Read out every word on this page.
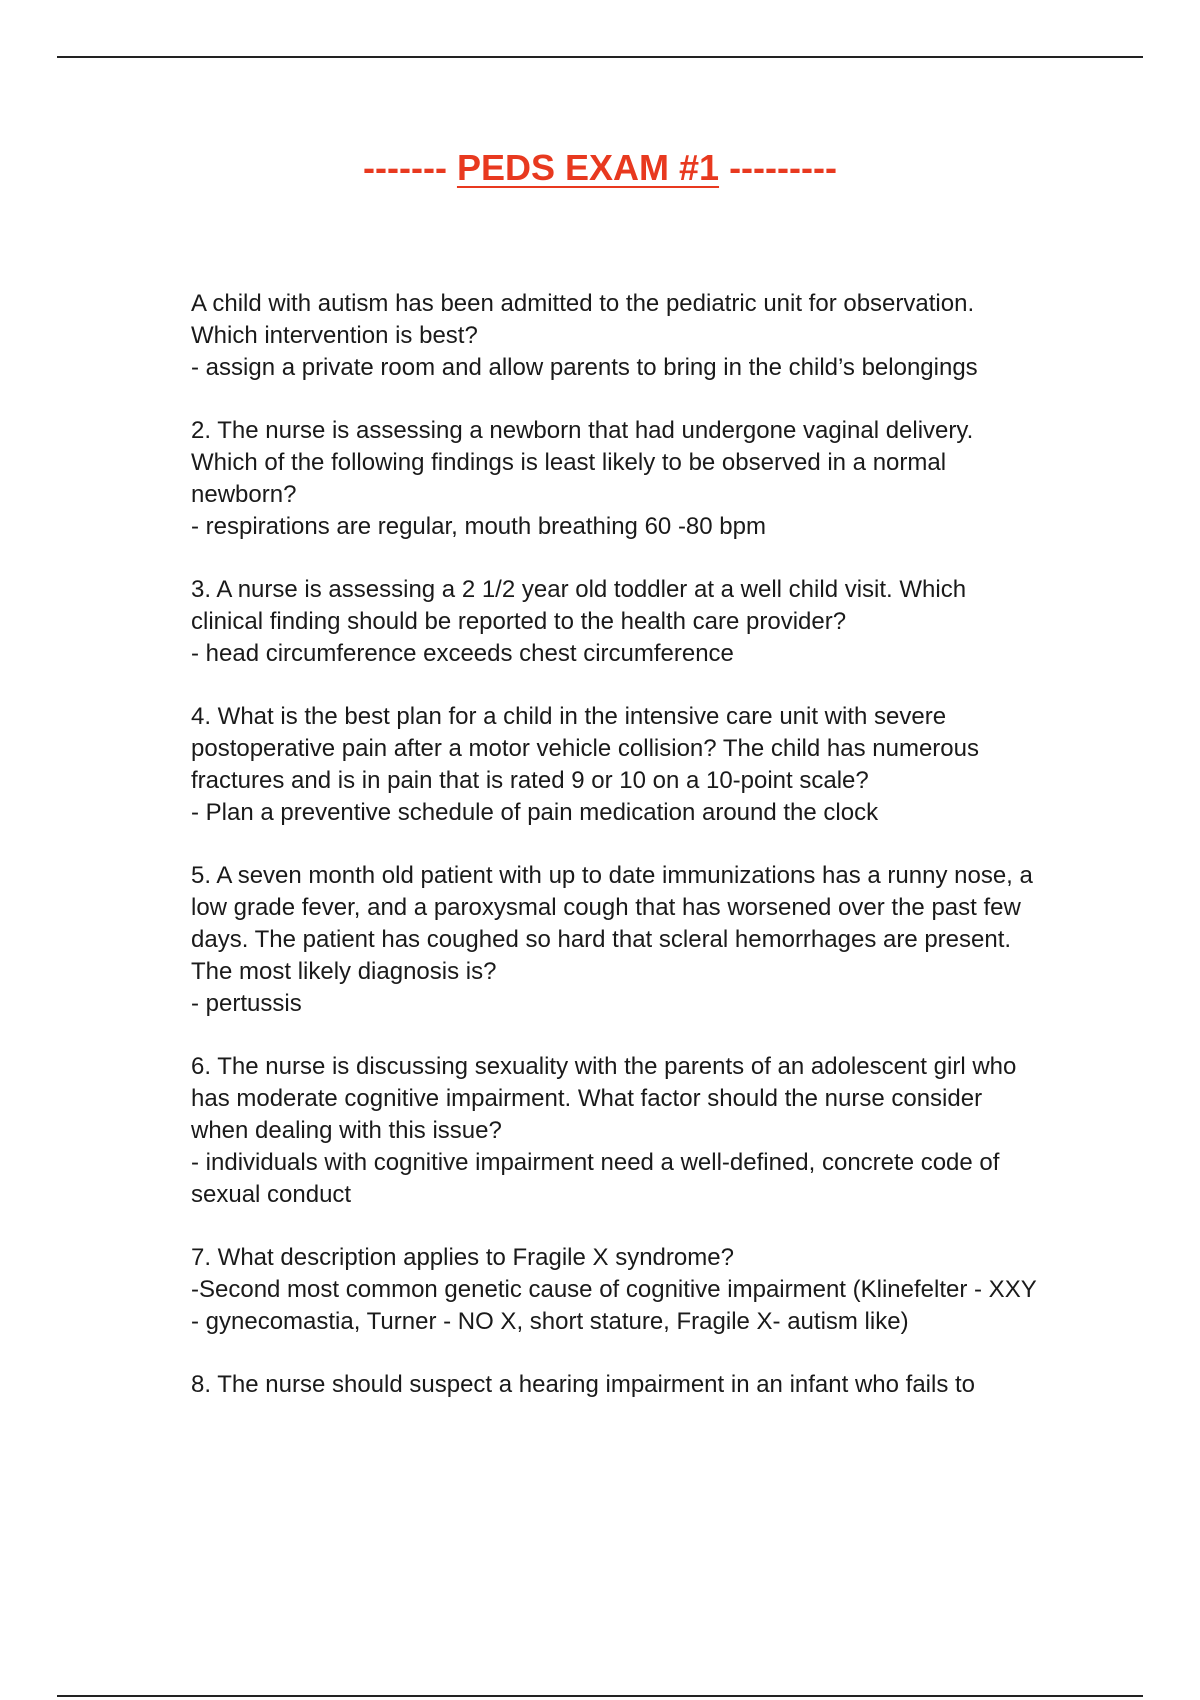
------- PEDS EXAM #1 ---------

A child with autism has been admitted to the pediatric unit for observation. Which intervention is best?

- assign a private room and allow parents to bring in the child’s belongings

2. The nurse is assessing a newborn that had undergone vaginal delivery. Which of the following findings is least likely to be observed in a normal newborn?

- respirations are regular, mouth breathing 60 -80 bpm

3. A nurse is assessing a 2 1/2 year old toddler at a well child visit. Which clinical finding should be reported to the health care provider?

- head circumference exceeds chest circumference

4. What is the best plan for a child in the intensive care unit with severe postoperative pain after a motor vehicle collision? The child has numerous fractures and is in pain that is rated 9 or 10 on a 10-point scale?

- Plan a preventive schedule of pain medication around the clock

5. A seven month old patient with up to date immunizations has a runny nose, a low grade fever, and a paroxysmal cough that has worsened over the past few days. The patient has coughed so hard that scleral hemorrhages are present. The most likely diagnosis is?

- pertussis

6. The nurse is discussing sexuality with the parents of an adolescent girl who has moderate cognitive impairment. What factor should the nurse consider when dealing with this issue?

- individuals with cognitive impairment need a well-defined, concrete code of sexual conduct

7. What description applies to Fragile X syndrome?

-Second most common genetic cause of cognitive impairment (Klinefelter - XXY - gynecomastia, Turner - NO X, short stature, Fragile X- autism like)

8. The nurse should suspect a hearing impairment in an infant who fails to
